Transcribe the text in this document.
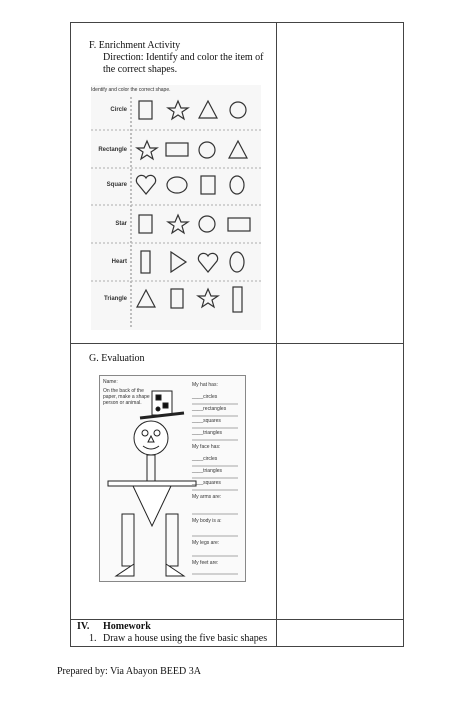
F. Enrichment Activity
Direction: Identify and color the item of
the correct shapes.
Identify and color the correct shape.
Circle
Rectangle
Square
Star
Heart
Triangle
G. Evaluation
Name:
On the back of the paper, make a shape person or animal.
My hat has:
____circles
____rectangles
____squares
____triangles
My face has:
____circles
____triangles
____squares
My arms are:
My body is a:
My legs are:
My feet are:
IV. Homework
1. Draw a house using the five basic shapes
Prepared by: Via Abayon BEED 3A
